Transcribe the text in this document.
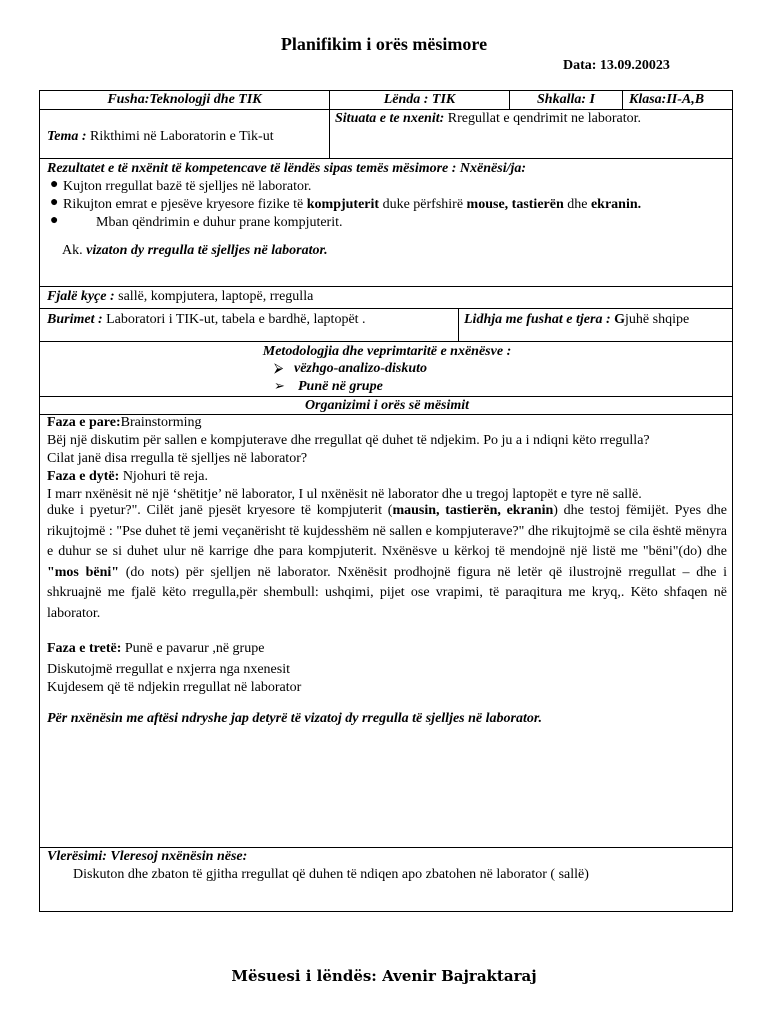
Planifikim i orës mësimore
Data: 13.09.20023
Fusha:Teknologji dhe TIK	Lënda : TIK	Shkalla: I	Klasa:II-A,B
Tema : Rikthimi në Laboratorin e Tik-ut
Situata e te nxenit: Rregullat e qendrimit ne laborator.
Rezultatet e të nxënit të kompetencave të lëndës sipas temës mësimore : Nxënësi/ja:
● Kujton rregullat bazë të sjelljes në laborator.
● Rikujton emrat e pjesëve kryesore fizike të kompjuterit duke përfshirë mouse, tastierën dhe ekranin.
●	Mban qëndrimin e duhur prane kompjuterit.
Ak. vizaton dy rregulla të sjelljes në laborator.
Fjalë kyçe : sallë, kompjutera, laptopë, rregulla
Burimet : Laboratori i TIK-ut, tabela e bardhë, laptopët .	Lidhja me fushat e tjera : Gjuhë shqipe
Metodologjia dhe veprimtaritë e nxënësve :
⮚ vëzhgo-analizo-diskuto
➢ Punë në grupe
Organizimi i orës së mësimit
Faza e pare:Brainstorming
Bëj një diskutim për sallen e kompjuterave dhe rregullat që duhet të ndjekim. Po ju a i ndiqni këto rregulla?
Cilat janë disa rregulla të sjelljes në laborator?
Faza e dytë: Njohuri të reja.
I marr nxënësit në një ‘shëtitje’ në laborator, I ul nxënësit në laborator dhe u tregoj laptopët e tyre në sallë.
duke i pyetur?". Cilët janë pjesët kryesore të kompjuterit (mausin, tastierën, ekranin) dhe testoj fëmijët. Pyes dhe rikujtojmë : "Pse duhet të jemi veçanërisht të kujdesshëm në sallen e kompjuterave?" dhe rikujtojmë se cila është mënyra e duhur se si duhet ulur në karrige dhe para kompjuterit. Nxënësve u kërkoj të mendojnë një listë me "bëni"(do) dhe "mos bëni" (do nots) për sjelljen në laborator. Nxënësit prodhojnë figura në letër që ilustrojnë rregullat – dhe i shkruajnë me fjalë këto rregulla,për shembull: ushqimi, pijet ose vrapimi, të paraqitura me kryq,. Këto shfaqen në laborator.
Faza e tretë: Punë e pavarur ,në grupe
Diskutojmë rregullat e nxjerra nga nxenesit
Kujdesem që të ndjekin rregullat në laborator
Për nxënësin me aftësi ndryshe jap detyrë të vizatoj dy rregulla të sjelljes në laborator.
Vlerësimi: Vleresoj nxënësin nëse:
Diskuton dhe zbaton të gjitha rregullat që duhen të ndiqen apo zbatohen në laborator ( sallë)
Mësuesi i lëndës: Avenir Bajraktaraj
